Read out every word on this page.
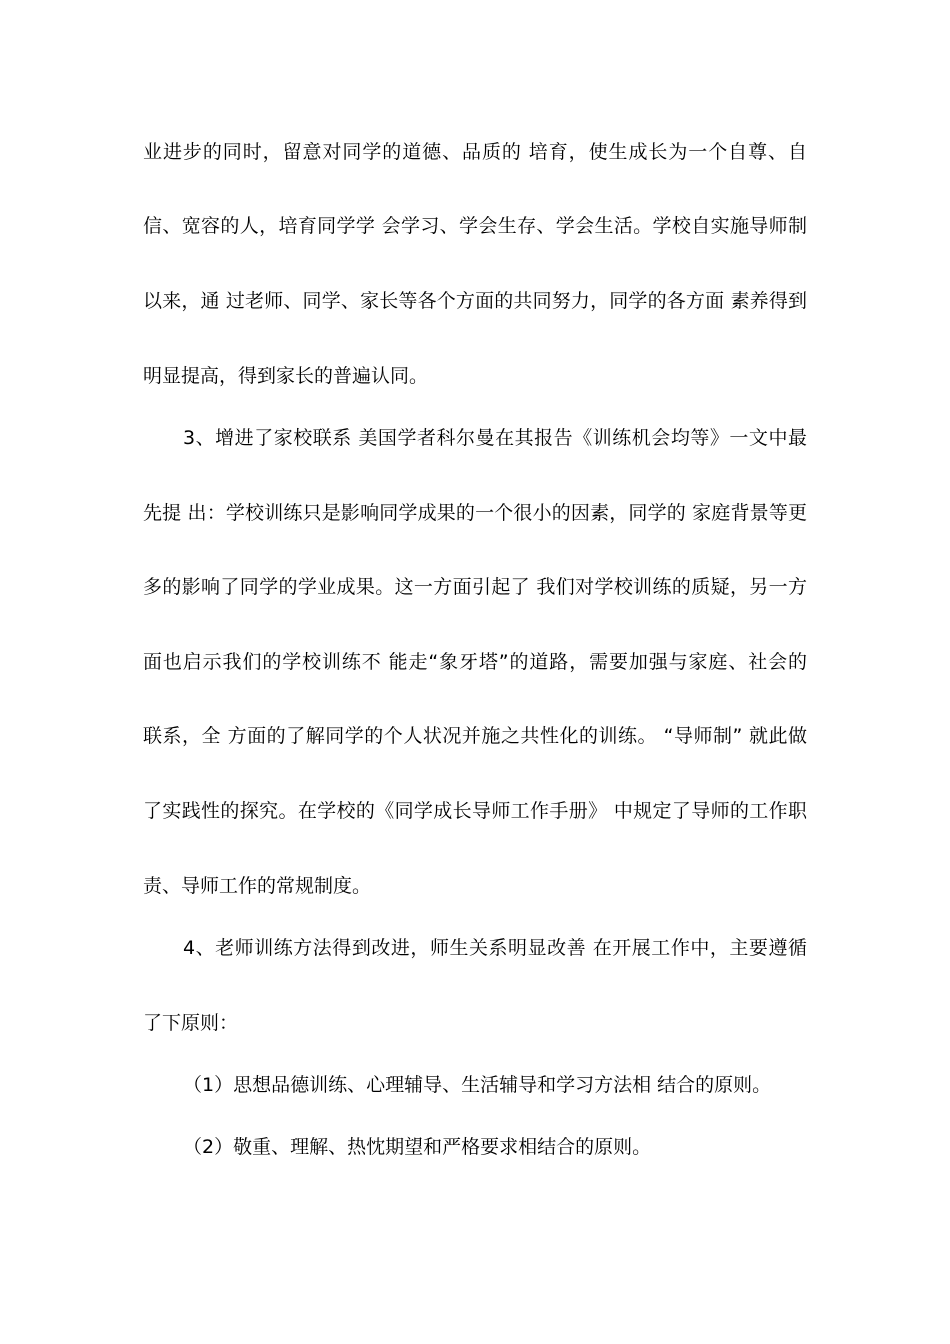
业进步的同时，留意对同学的道德、品质的 培育，使生成长为一个自尊、自
信、宽容的人，培育同学学 会学习、学会生存、学会生活。学校自实施导师制
以来，通 过老师、同学、家长等各个方面的共同努力，同学的各方面 素养得到
明显提高，得到家长的普遍认同。
3、增进了家校联系 美国学者科尔曼在其报告《训练机会均等》一文中最
先提 出：学校训练只是影响同学成果的一个很小的因素，同学的 家庭背景等更
多的影响了同学的学业成果。这一方面引起了 我们对学校训练的质疑，另一方
面也启示我们的学校训练不 能走“象牙塔”的道路，需要加强与家庭、社会的
联系，全 方面的了解同学的个人状况并施之共性化的训练。 “导师制” 就此做
了实践性的探究。在学校的《同学成长导师工作手册》 中规定了导师的工作职
责、导师工作的常规制度。
4、老师训练方法得到改进，师生关系明显改善 在开展工作中，主要遵循
了下原则：
（1）思想品德训练、心理辅导、生活辅导和学习方法相 结合的原则。
（2）敬重、理解、热忱期望和严格要求相结合的原则。
